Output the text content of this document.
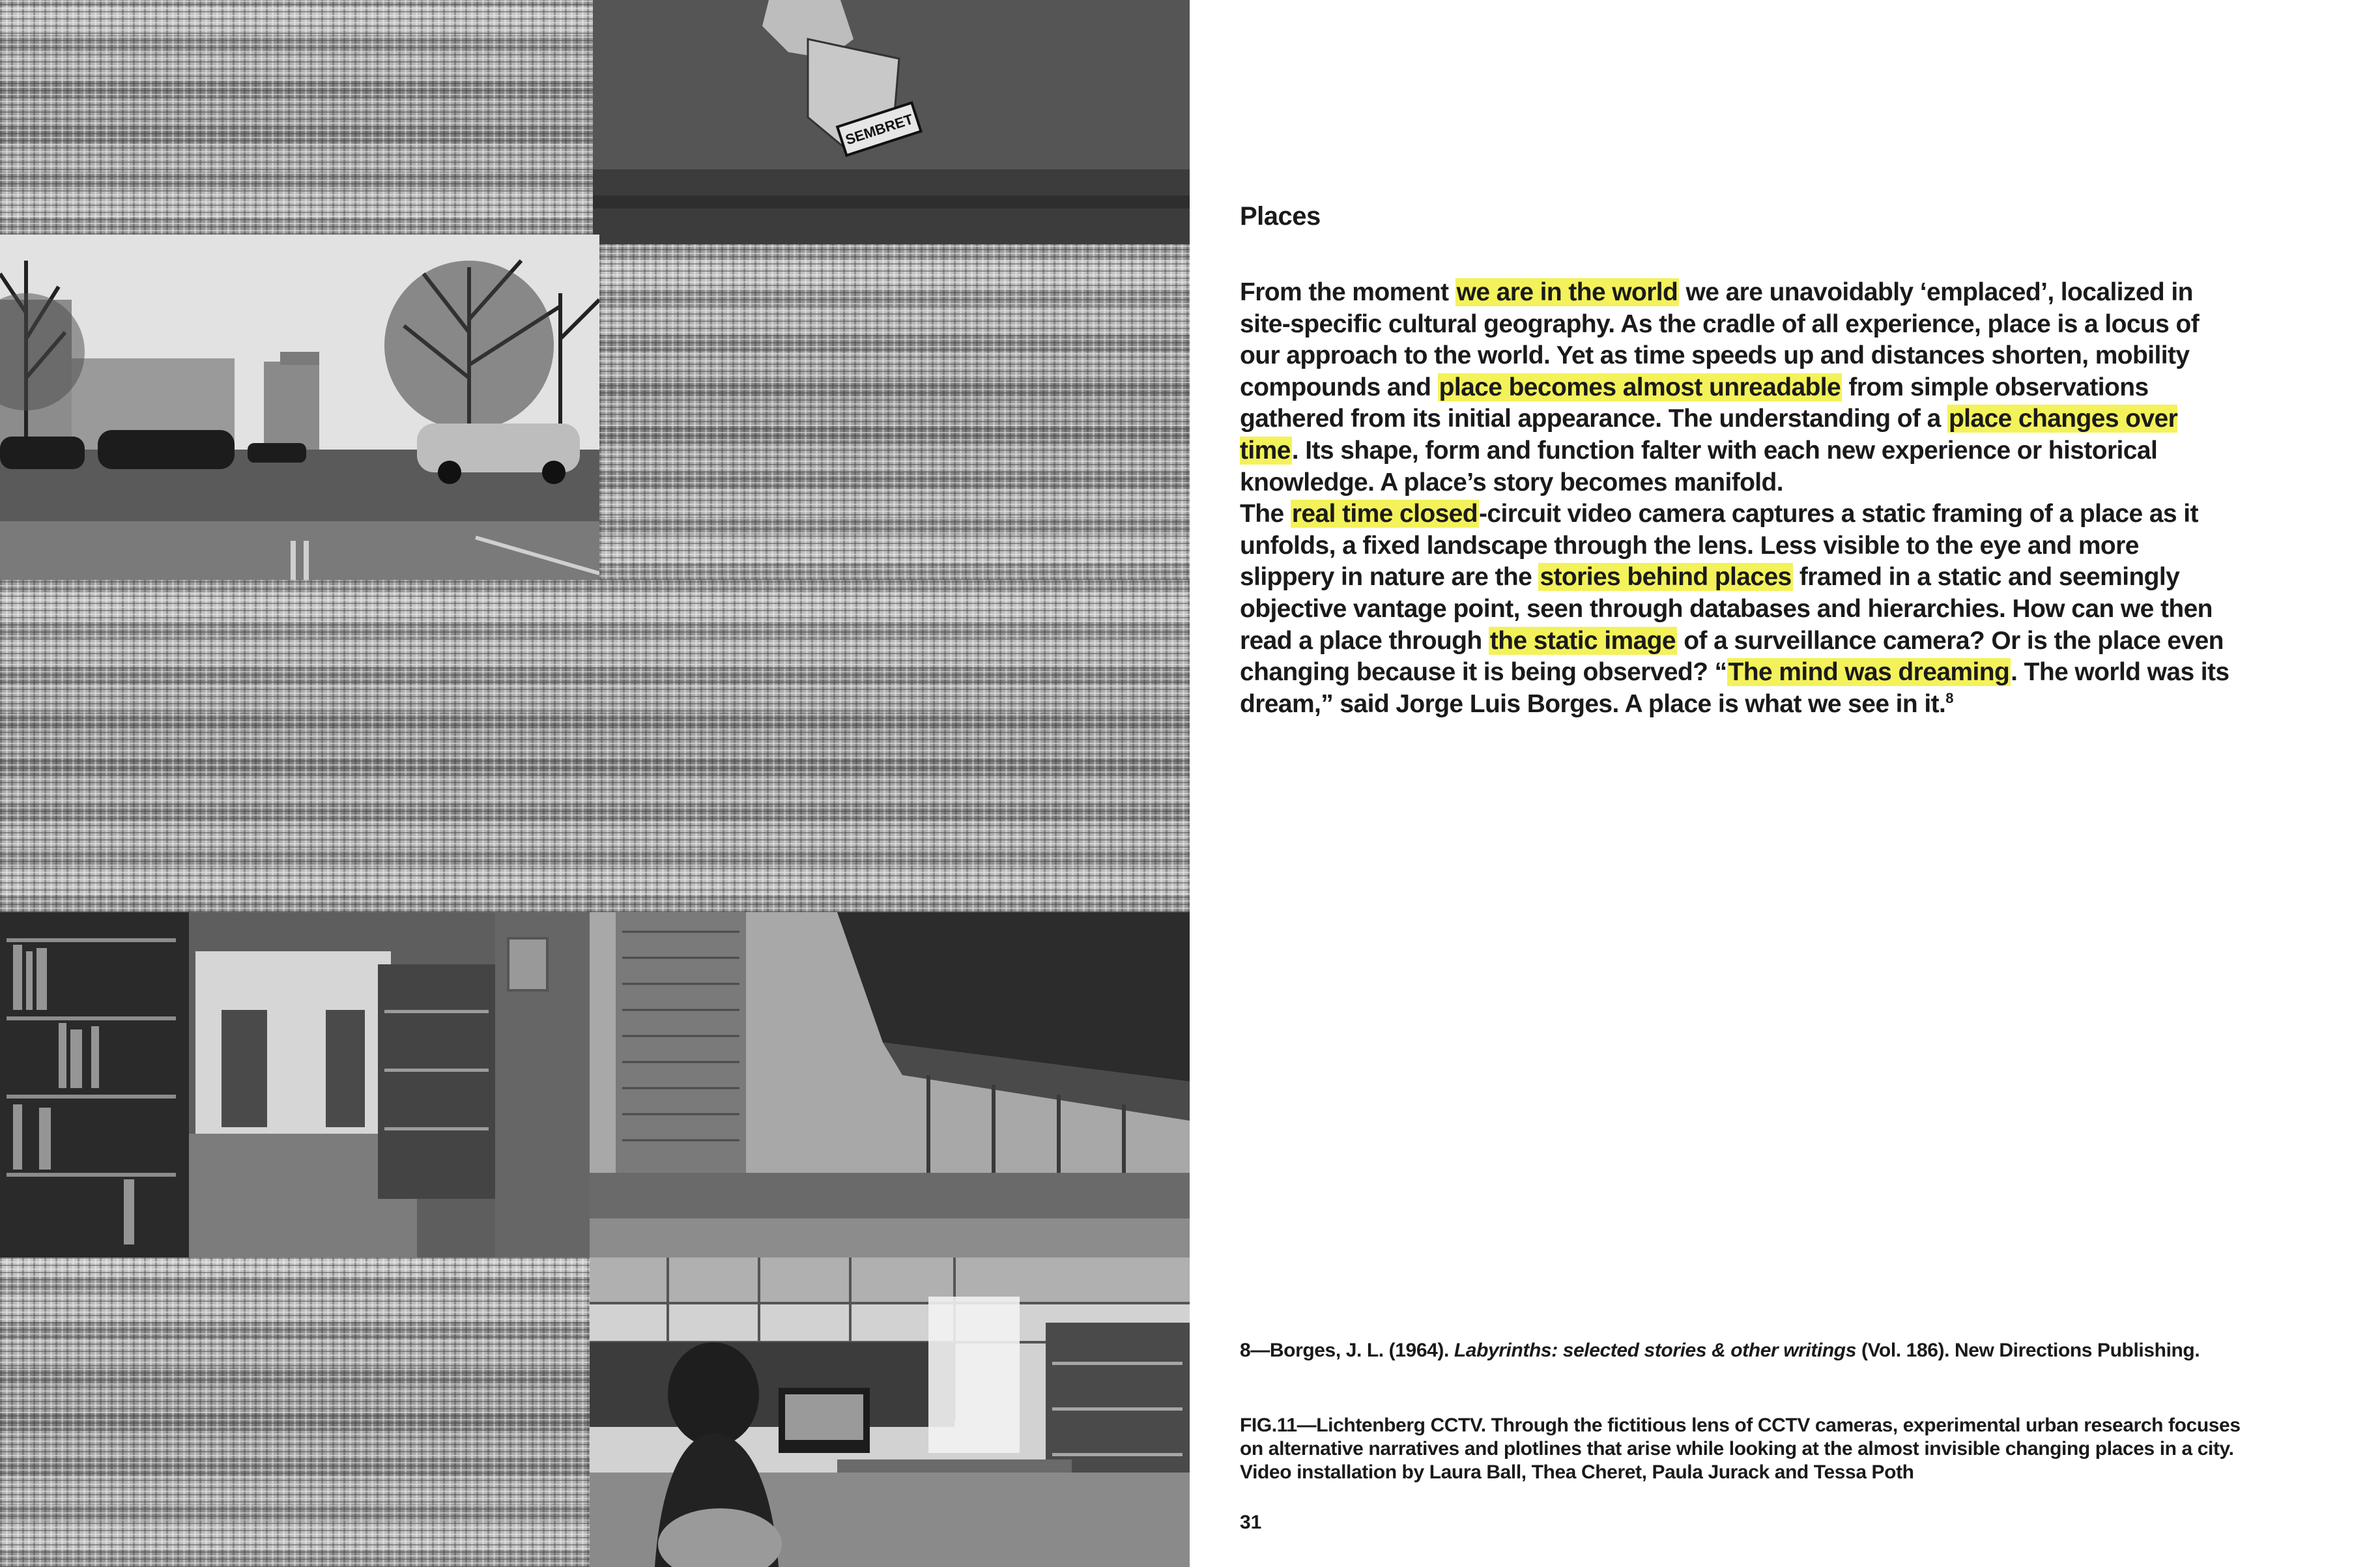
SEMBRET
Places

From the moment we are in the world we are unavoidably ‘emplaced’, localized in site-specific cultural geography. As the cradle of all experience, place is a locus of our approach to the world. Yet as time speeds up and distances shorten, mobility compounds and place becomes almost unreadable from simple observations gathered from its initial appearance. The understanding of a place changes over time. Its shape, form and function falter with each new experience or historical knowledge. A place’s story becomes manifold.

The real time closed-circuit video camera captures a static framing of a place as it unfolds, a fixed landscape through the lens. Less visible to the eye and more slippery in nature are the stories behind places framed in a static and seemingly objective vantage point, seen through databases and hierarchies. How can we then read a place through the static image of a surveillance camera? Or is the place even changing because it is being observed? “The mind was dreaming. The world was its dream,” said Jorge Luis Borges. A place is what we see in it.$^8$

8—Borges, J. L. (1964). Labyrinths: selected stories & other writings (Vol. 186). New Directions Publishing.

FIG.11—Lichtenberg CCTV. Through the fictitious lens of CCTV cameras, experimental urban research focuses on alternative narratives and plotlines that arise while looking at the almost invisible changing places in a city. Video installation by Laura Ball, Thea Cheret, Paula Jurack and Tessa Poth

31
